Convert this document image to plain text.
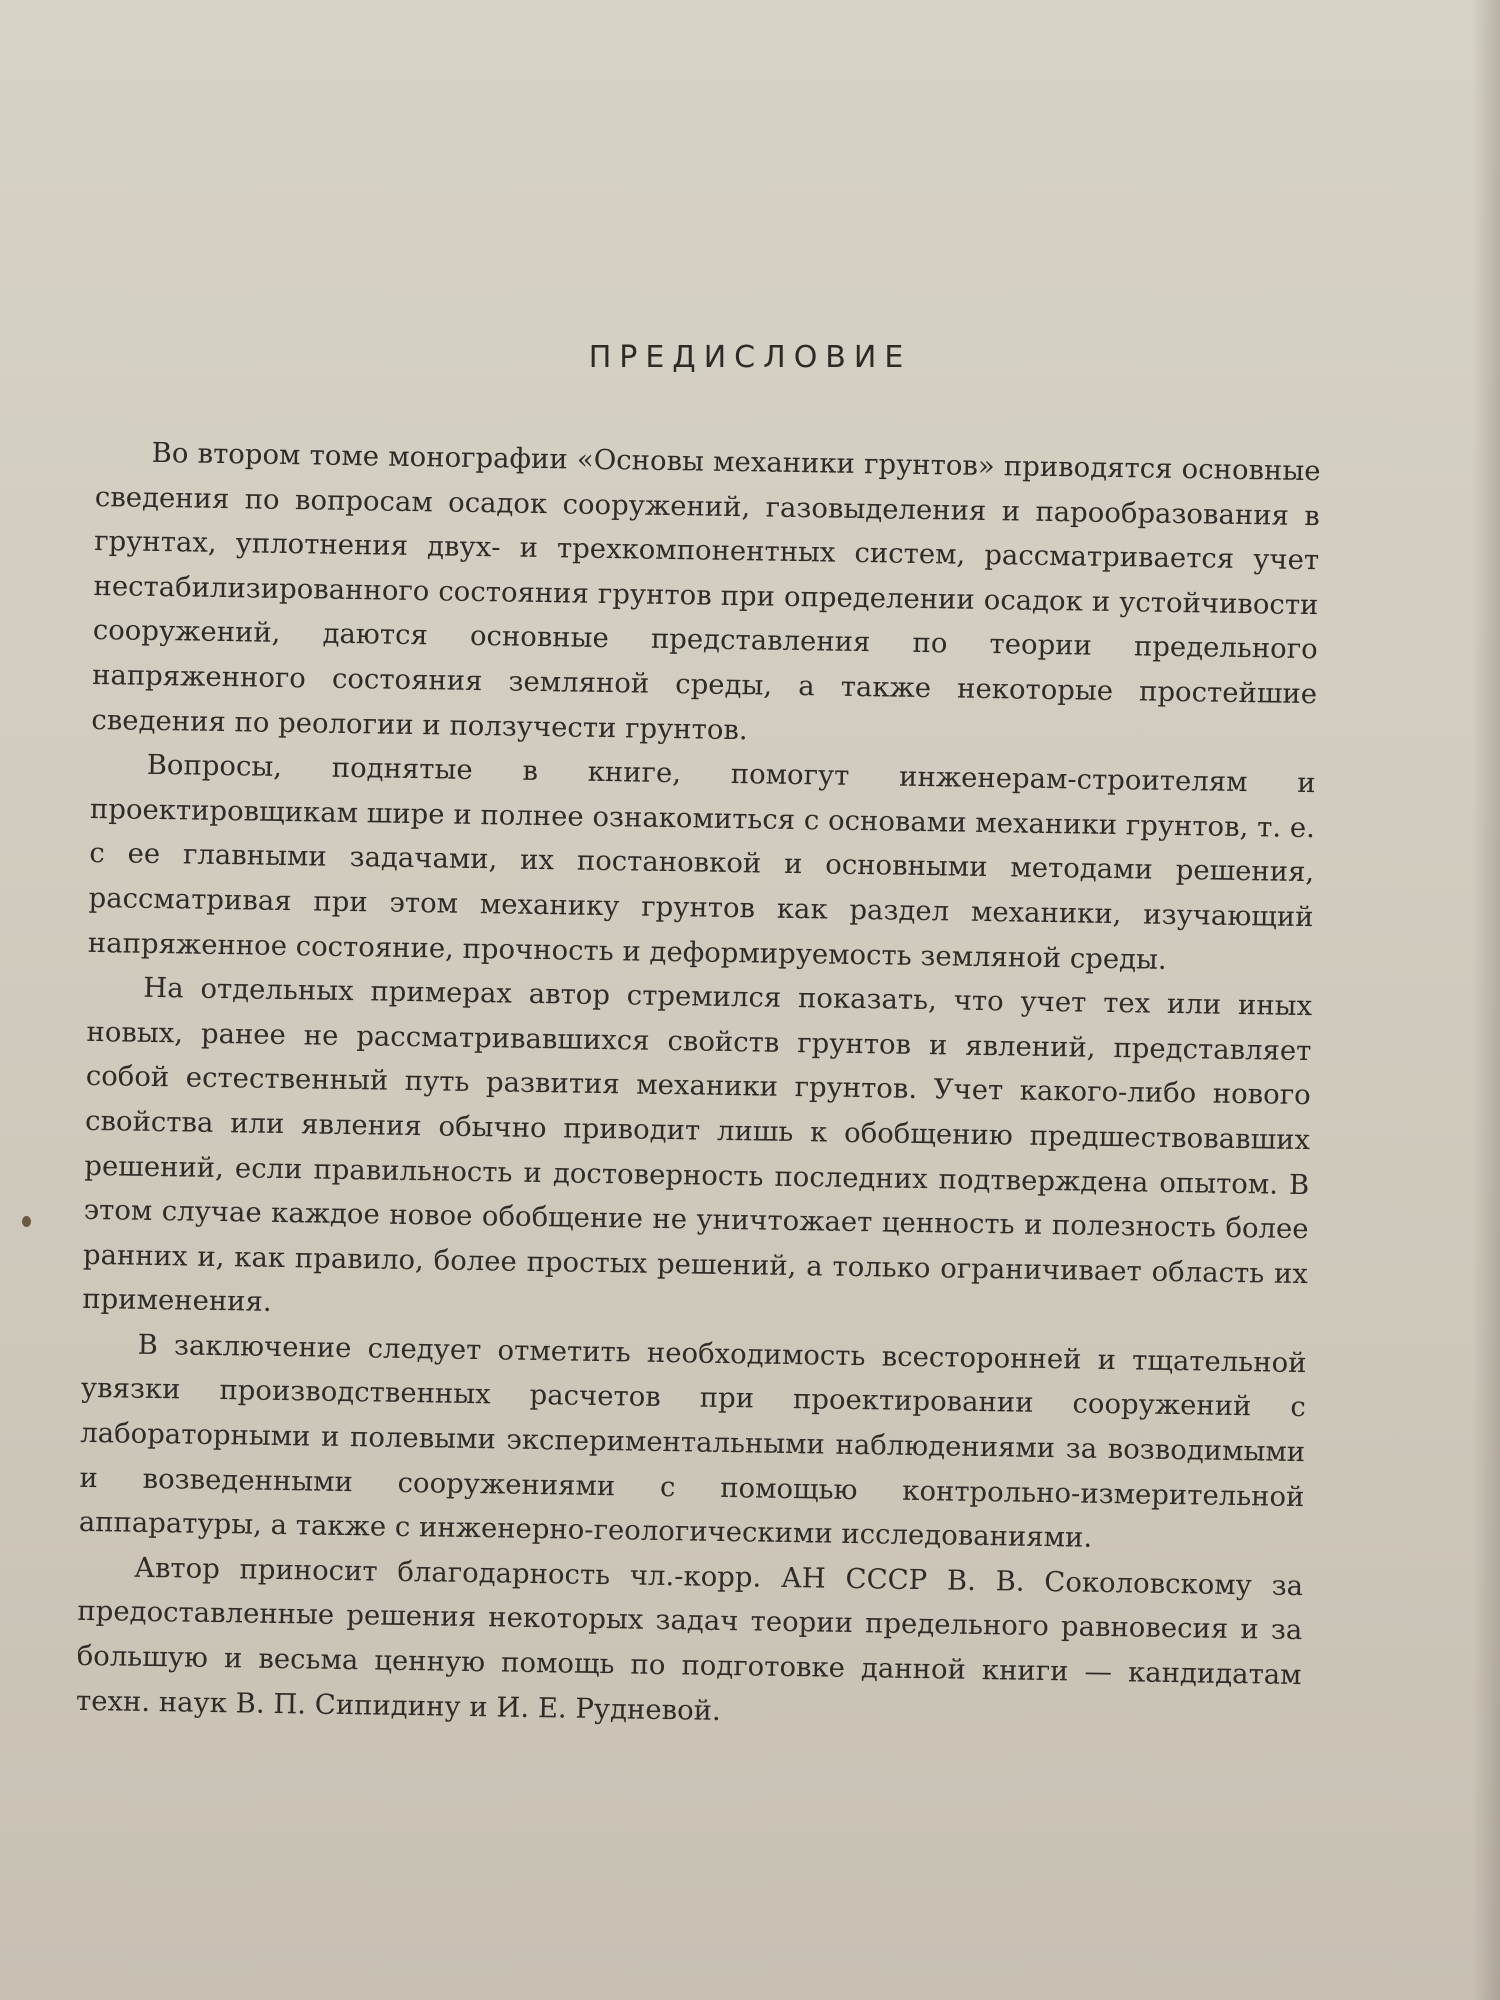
ПРЕДИСЛОВИЕ

Во втором томе монографии «Основы механики грунтов» приводятся основные сведения по вопросам осадок сооружений, газовыделения и парообразования в грунтах, уплотнения двух- и трехкомпонентных систем, рассматривается учет нестабилизированного состояния грунтов при определении осадок и устойчивости сооружений, даются основные представления по теории предельного напряженного состояния земляной среды, а также некоторые простейшие сведения по реологии и ползучести грунтов.

Вопросы, поднятые в книге, помогут инженерам-строителям и проектировщикам шире и полнее ознакомиться с основами механики грунтов, т. е. с ее главными задачами, их постановкой и основными методами решения, рассматривая при этом механику грунтов как раздел механики, изучающий напряженное состояние, прочность и деформируемость земляной среды.

На отдельных примерах автор стремился показать, что учет тех или иных новых, ранее не рассматривавшихся свойств грунтов и явлений, представляет собой естественный путь развития механики грунтов. Учет какого-либо нового свойства или явления обычно приводит лишь к обобщению предшествовавших решений, если правильность и достоверность последних подтверждена опытом. В этом случае каждое новое обобщение не уничтожает ценность и полезность более ранних и, как правило, более простых решений, а только ограничивает область их применения.

В заключение следует отметить необходимость всесторонней и тщательной увязки производственных расчетов при проектировании сооружений с лабораторными и полевыми экспериментальными наблюдениями за возводимыми и возведенными сооружениями с помощью контрольно-измерительной аппаратуры, а также с инженерно-геологическими исследованиями.

Автор приносит благодарность чл.-корр. АН СССР В. В. Соколовскому за предоставленные решения некоторых задач теории предельного равновесия и за большую и весьма ценную помощь по подготовке данной книги — кандидатам техн. наук В. П. Сипидину и И. Е. Рудневой.
